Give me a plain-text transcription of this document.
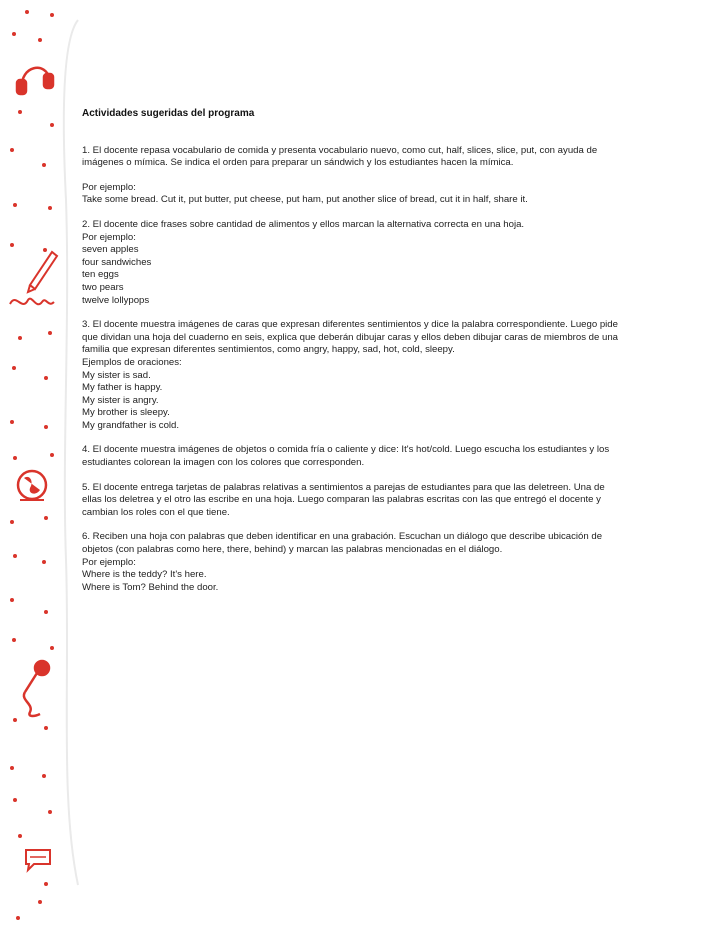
Actividades sugeridas del programa
1. El docente repasa vocabulario de comida y presenta vocabulario nuevo, como cut, half, slices, slice, put, con ayuda de imágenes o mímica. Se indica el orden para preparar un sándwich y los estudiantes hacen la mímica.
Por ejemplo:
Take some bread. Cut it, put butter, put cheese, put ham, put another slice of bread, cut it in half, share it.
2. El docente dice frases sobre cantidad de alimentos y ellos marcan la alternativa correcta en una hoja.
Por ejemplo:
seven apples
four sandwiches
ten eggs
two pears
twelve lollypops
3. El docente muestra imágenes de caras que expresan diferentes sentimientos y dice la palabra correspondiente. Luego pide que dividan una hoja del cuaderno en seis, explica que deberán dibujar caras y ellos deben dibujar caras de miembros de una familia que expresan diferentes sentimientos, como angry, happy, sad, hot, cold, sleepy.
Ejemplos de oraciones:
My sister is sad.
My father is happy.
My sister is angry.
My brother is sleepy.
My grandfather is cold.
4. El docente muestra imágenes de objetos o comida fría o caliente y dice: It's hot/cold. Luego escucha los estudiantes y los estudiantes colorean la imagen con los colores que corresponden.
5. El docente entrega tarjetas de palabras relativas a sentimientos a parejas de estudiantes para que las deletreen. Una de ellas los deletrea y el otro las escribe en una hoja. Luego comparan las palabras escritas con las que entregó el docente y cambian los roles con el que tiene.
6. Reciben una hoja con palabras que deben identificar en una grabación. Escuchan un diálogo que describe ubicación de objetos (con palabras como here, there, behind) y marcan las palabras mencionadas en el diálogo.
Por ejemplo:
Where is the teddy? It's here.
Where is Tom? Behind the door.
